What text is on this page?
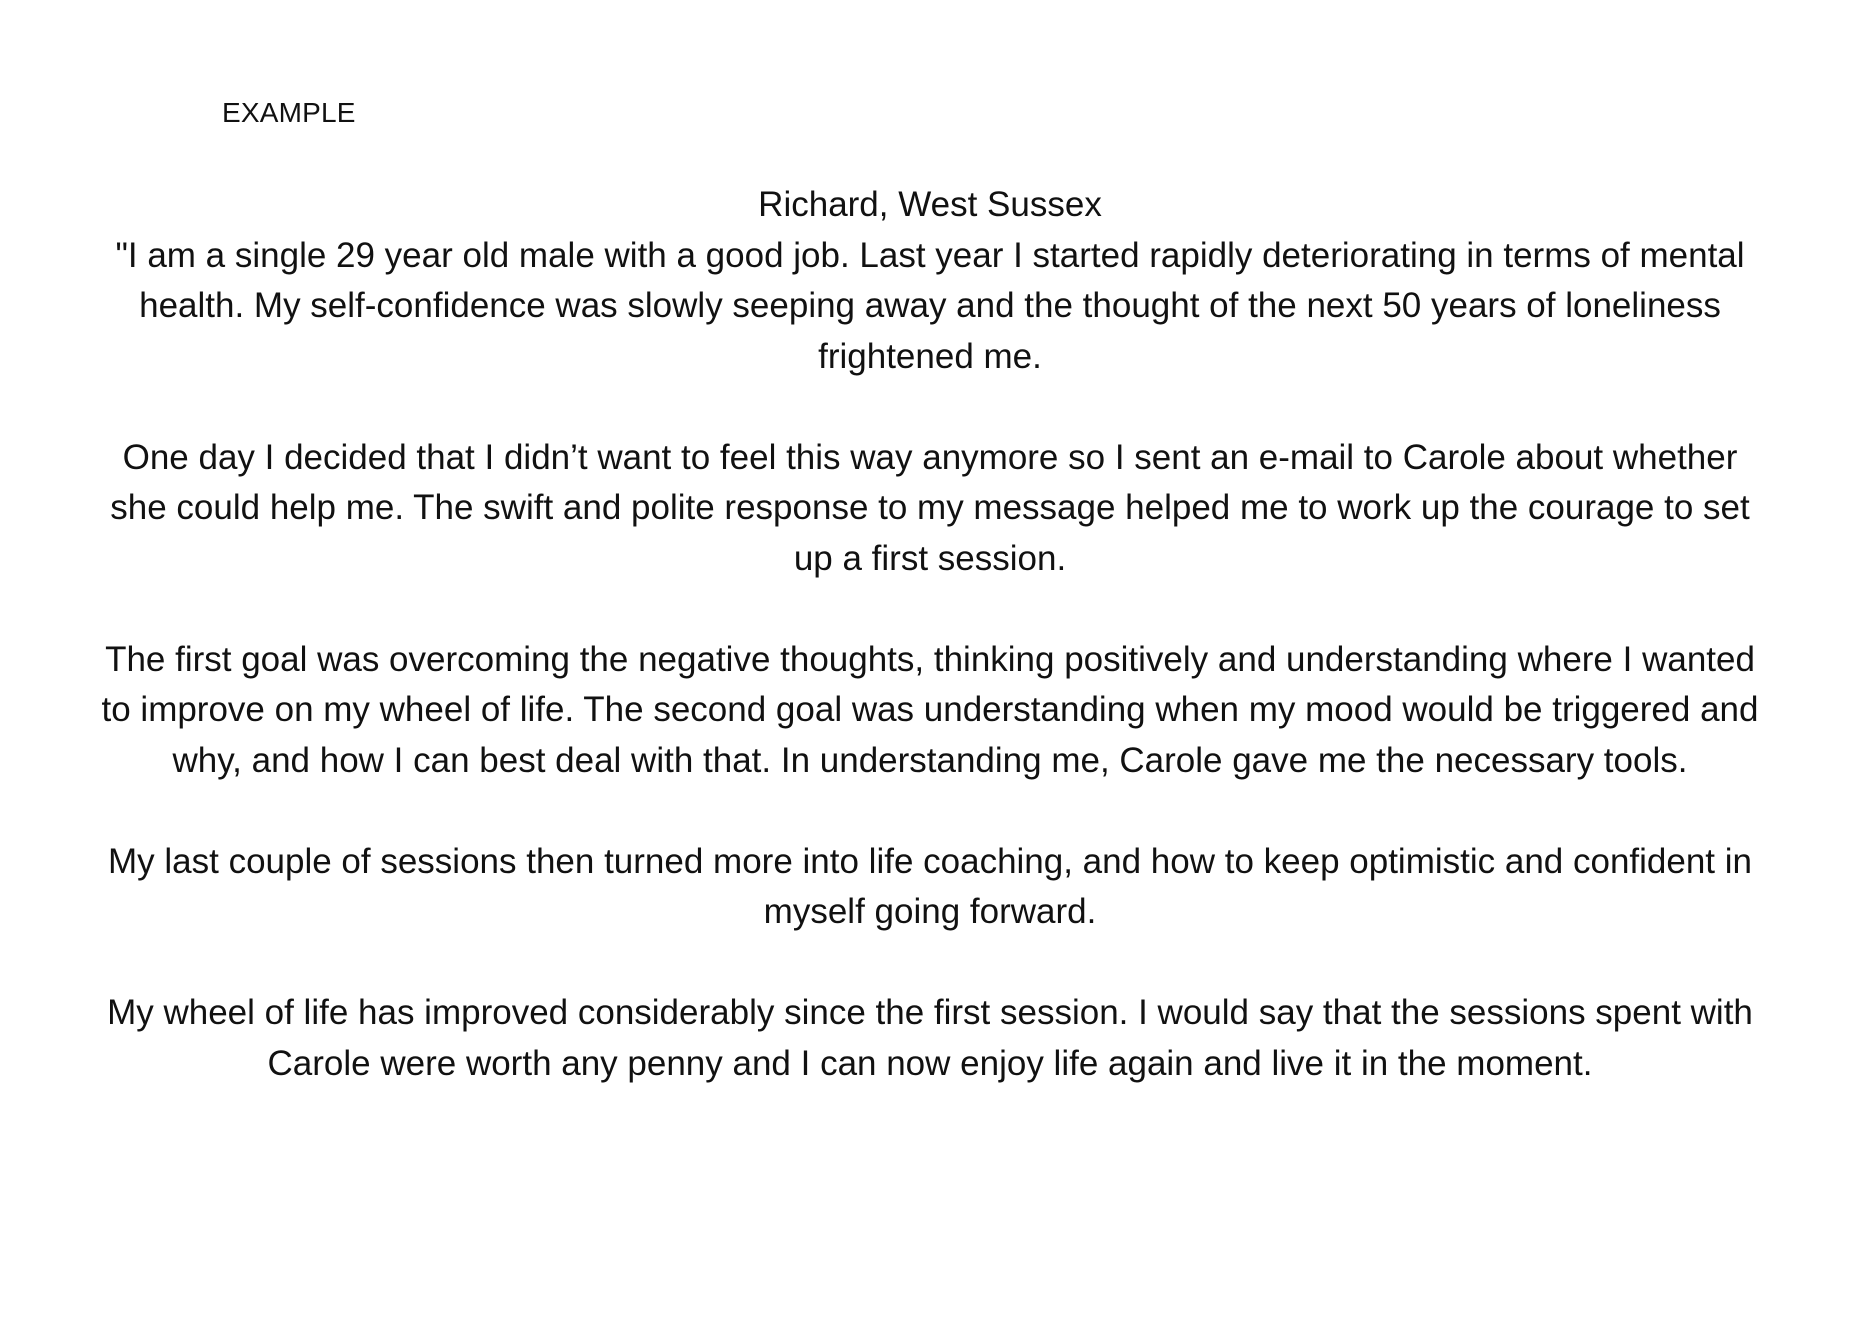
EXAMPLE

Richard, West Sussex

"I am a single 29 year old male with a good job. Last year I started rapidly deteriorating in terms of mental health. My self-confidence was slowly seeping away and the thought of the next 50 years of loneliness frightened me.

One day I decided that I didn’t want to feel this way anymore so I sent an e-mail to Carole about whether she could help me. The swift and polite response to my message helped me to work up the courage to set up a first session.

The first goal was overcoming the negative thoughts, thinking positively and understanding where I wanted to improve on my wheel of life. The second goal was understanding when my mood would be triggered and why, and how I can best deal with that. In understanding me, Carole gave me the necessary tools.

My last couple of sessions then turned more into life coaching, and how to keep optimistic and confident in myself going forward.

My wheel of life has improved considerably since the first session. I would say that the sessions spent with Carole were worth any penny and I can now enjoy life again and live it in the moment.
